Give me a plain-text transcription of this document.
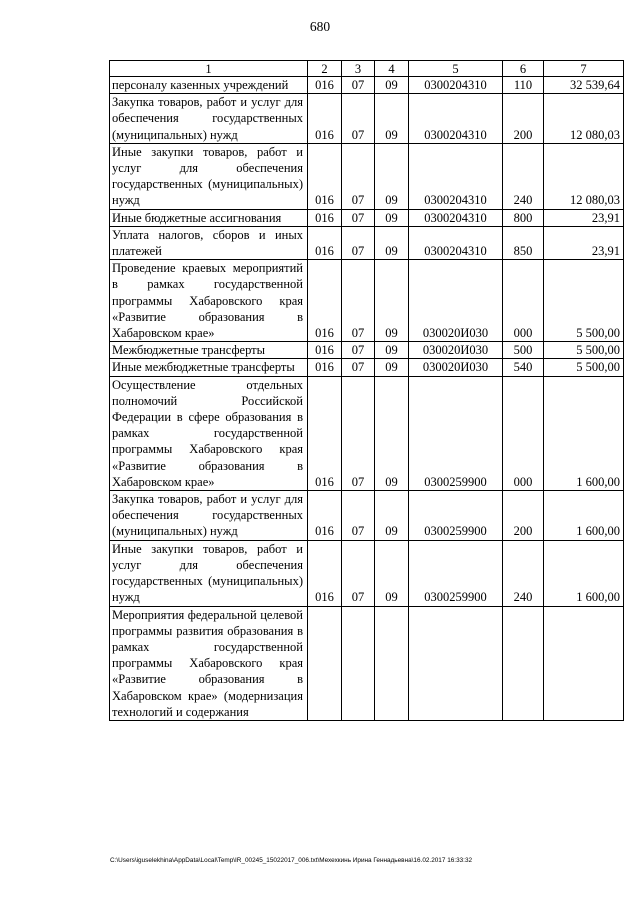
680
1	2	3	4	5	6	7
персоналу казенных учреждений	016	07	09	0300204310	110	32 539,64
Закупка товаров, работ и услуг для обеспечения государственных (муниципальных) нужд	016	07	09	0300204310	200	12 080,03
Иные закупки товаров, работ и услуг для обеспечения государственных (муниципальных) нужд	016	07	09	0300204310	240	12 080,03
Иные бюджетные ассигнования	016	07	09	0300204310	800	23,91
Уплата налогов, сборов и иных платежей	016	07	09	0300204310	850	23,91
Проведение краевых мероприятий в рамках государственной программы Хабаровского края «Развитие образования в Хабаровском крае»	016	07	09	030020И030	000	5 500,00
Межбюджетные трансферты	016	07	09	030020И030	500	5 500,00
Иные межбюджетные трансферты	016	07	09	030020И030	540	5 500,00
Осуществление отдельных полномочий Российской Федерации в сфере образования в рамках государственной программы Хабаровского края «Развитие образования в Хабаровском крае»	016	07	09	0300259900	000	1 600,00
Закупка товаров, работ и услуг для обеспечения государственных (муниципальных) нужд	016	07	09	0300259900	200	1 600,00
Иные закупки товаров, работ и услуг для обеспечения государственных (муниципальных) нужд	016	07	09	0300259900	240	1 600,00
Мероприятия федеральной целевой программы развития образования в рамках государственной программы Хабаровского края «Развитие образования в Хабаровском крае» (модернизация технологий и содержания						
C:\Users\iguselekhina\AppData\Local\Temp\IR_00245_15022017_006.txt\Мехехкинь Ирина Геннадьевна\16.02.2017 16:33:32
